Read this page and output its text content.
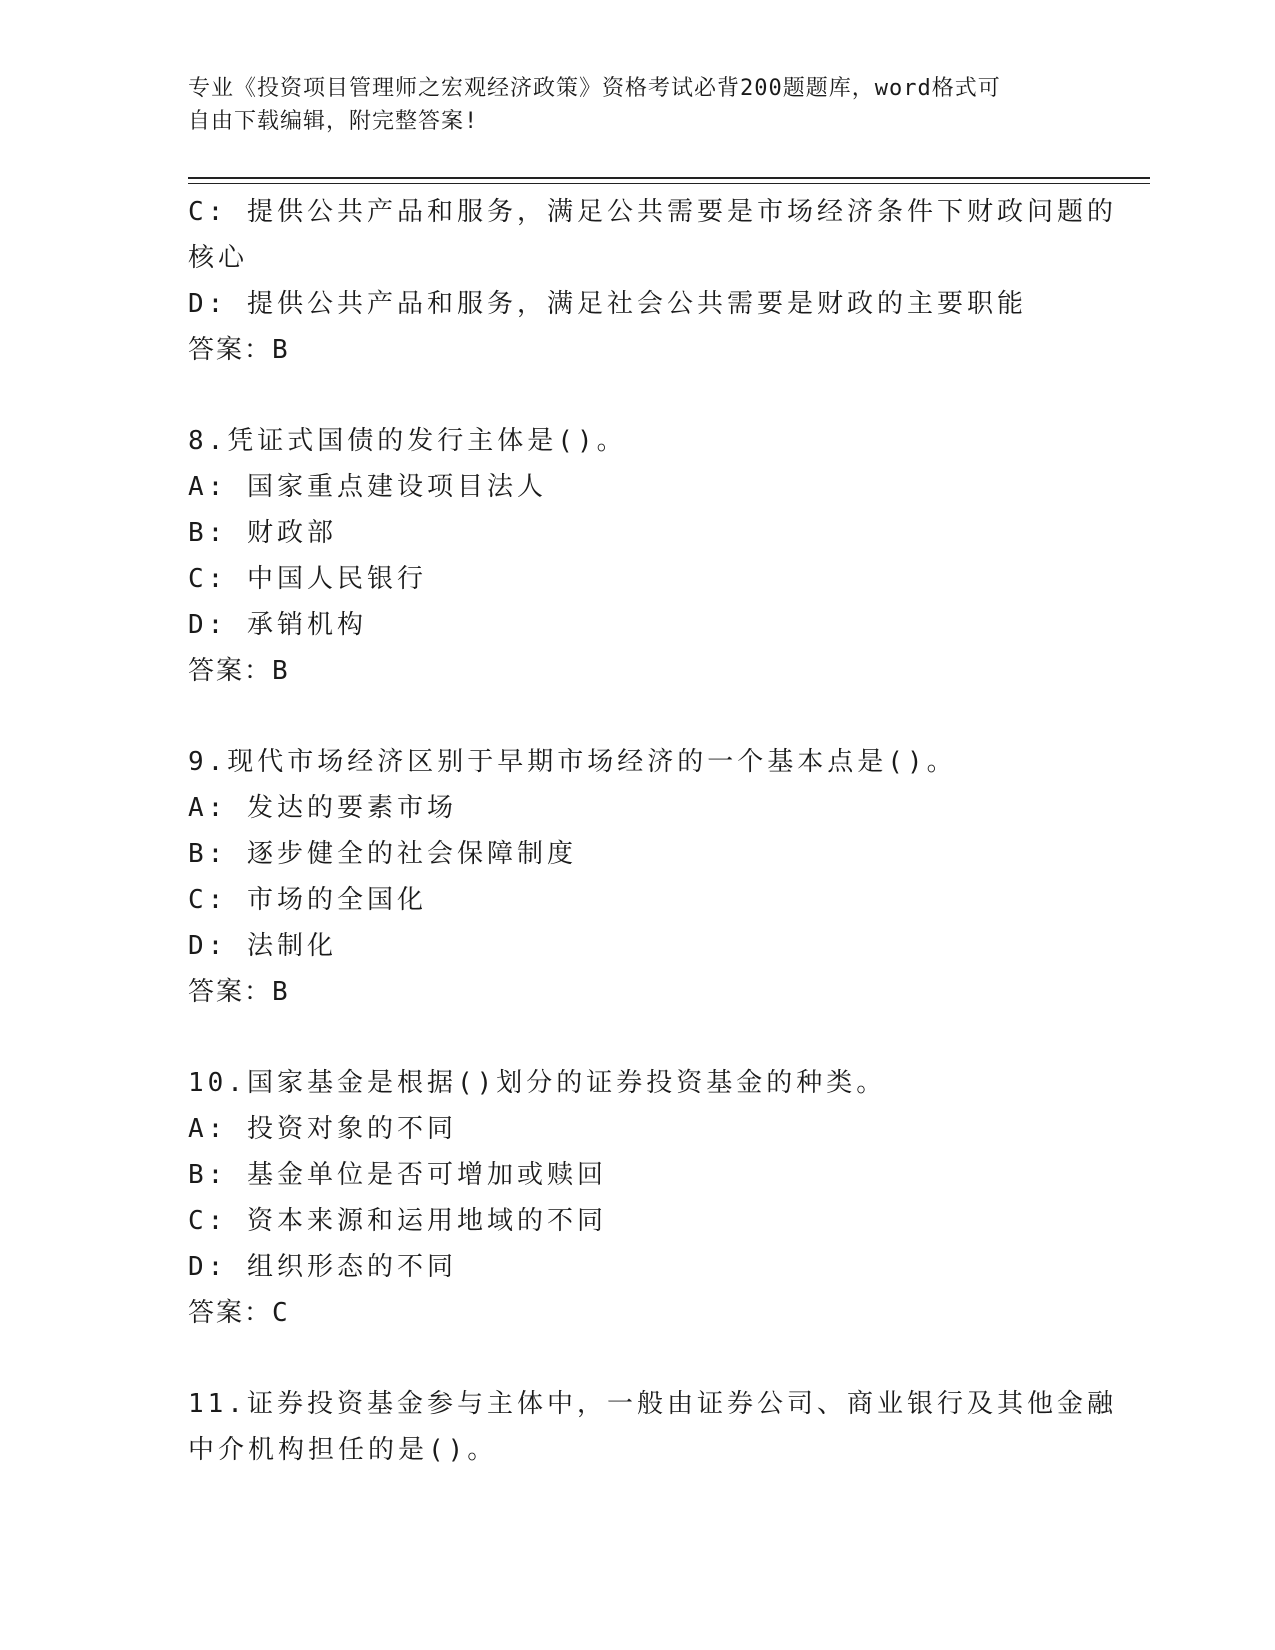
专业《投资项目管理师之宏观经济政策》资格考试必背200题题库，word格式可
自由下载编辑，附完整答案!
C: 提供公共产品和服务，满足公共需要是市场经济条件下财政问题的
核心
D: 提供公共产品和服务，满足社会公共需要是财政的主要职能
答案：B
8.凭证式国债的发行主体是()。
A: 国家重点建设项目法人
B: 财政部
C: 中国人民银行
D: 承销机构
答案：B
9.现代市场经济区别于早期市场经济的一个基本点是()。
A: 发达的要素市场
B: 逐步健全的社会保障制度
C: 市场的全国化
D: 法制化
答案：B
10.国家基金是根据()划分的证券投资基金的种类。
A: 投资对象的不同
B: 基金单位是否可增加或赎回
C: 资本来源和运用地域的不同
D: 组织形态的不同
答案：C
11.证券投资基金参与主体中，一般由证券公司、商业银行及其他金融
中介机构担任的是()。
